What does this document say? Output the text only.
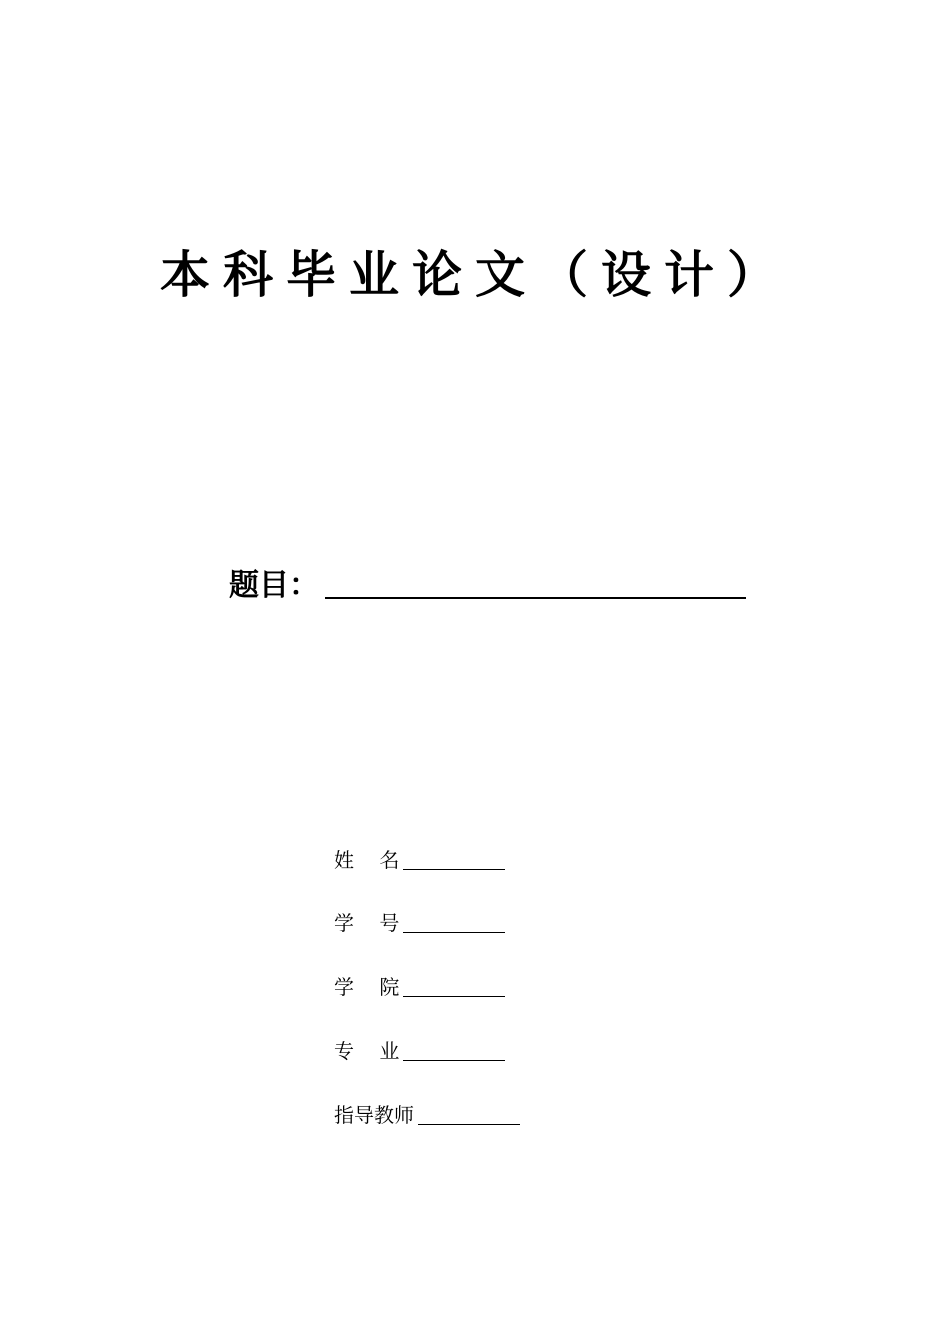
本科毕业论文（设计）
题目：
姓    名
学    号
学    院
专    业
指导教师
